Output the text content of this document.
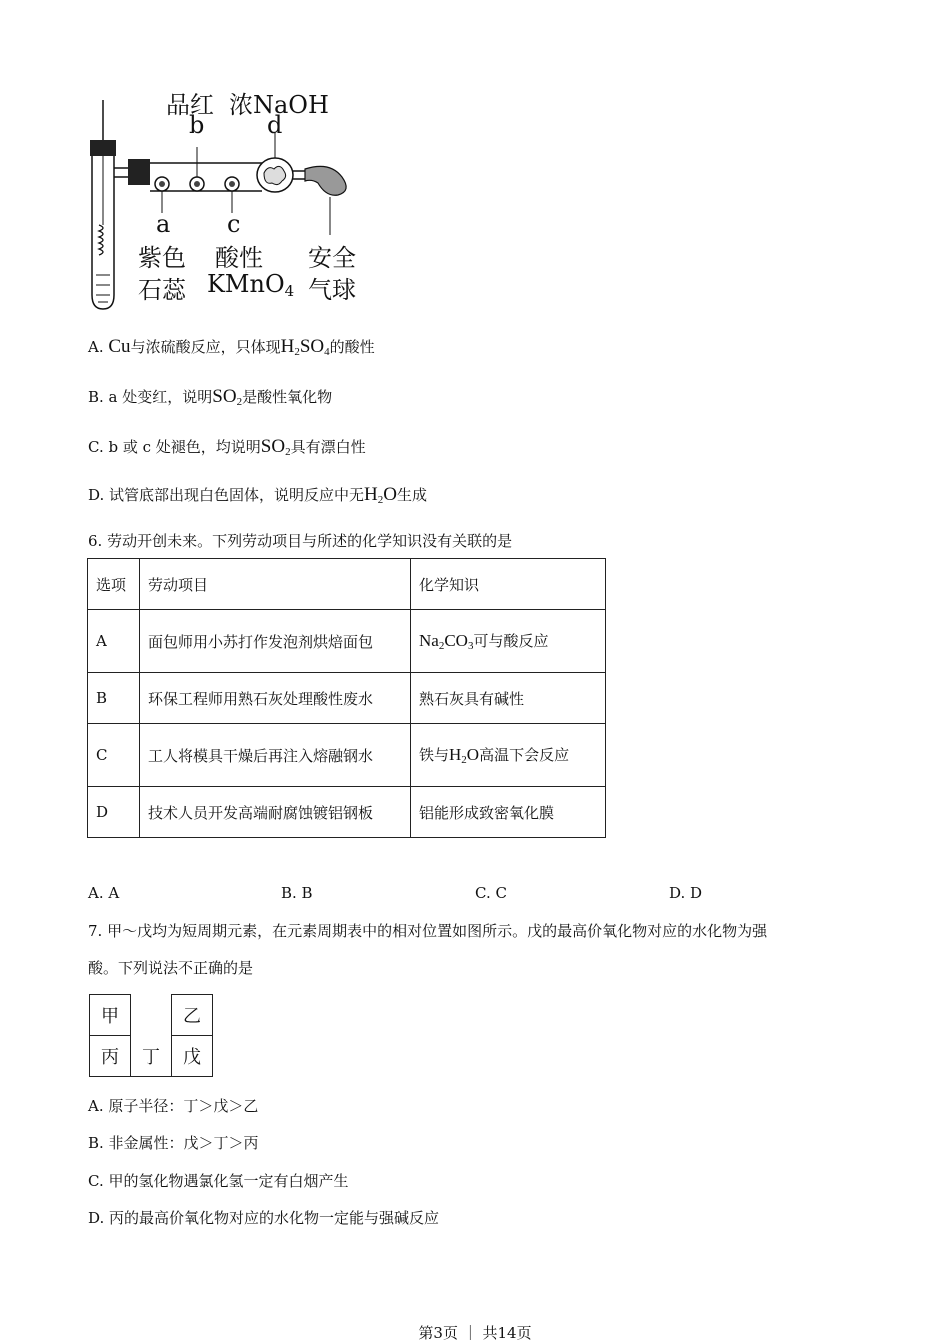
品红 浓NaOH
b	d
a c
紫色
石蕊
酸性
KMnO$_4$
安全
气球
A. Cu与浓硫酸反应，只体现$H_2SO_4$的酸性
B. a 处变红，说明$SO_2$是酸性氧化物
C. b 或 c 处褪色，均说明$SO_2$具有漂白性
D. 试管底部出现白色固体，说明反应中无$H_2O$生成
6. 劳动开创未来。下列劳动项目与所述的化学知识没有关联的是
选项	劳动项目	化学知识
A	面包师用小苏打作发泡剂烘焙面包	$Na_2CO_3$可与酸反应
B	环保工程师用熟石灰处理酸性废水	熟石灰具有碱性
C	工人将模具干燥后再注入熔融钢水	铁与$H_2O$高温下会反应
D	技术人员开发高端耐腐蚀镀铝钢板	铝能形成致密氧化膜
A. A	B. B	C. C	D. D
7. 甲～戊均为短周期元素，在元素周期表中的相对位置如图所示。戊的最高价氧化物对应的水化物为强
酸。下列说法不正确的是
甲		乙
丙	丁	戊
A. 原子半径：丁＞戊＞乙
B. 非金属性：戊＞丁＞丙
C. 甲的氢化物遇氯化氢一定有白烟产生
D. 丙的最高价氧化物对应的水化物一定能与强碱反应
第3页 ｜ 共14页
